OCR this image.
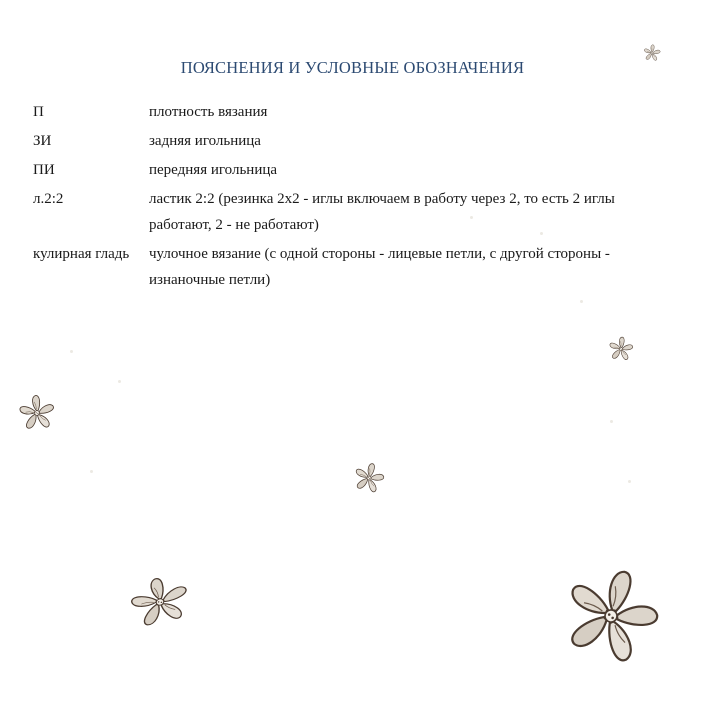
ПОЯСНЕНИЯ И УСЛОВНЫЕ ОБОЗНАЧЕНИЯ
П	плотность вязания
ЗИ	задняя игольница
ПИ	передняя игольница
л.2:2	ластик 2:2 (резинка 2х2 - иглы включаем в работу через 2, то есть 2 иглы работают, 2 - не работают)
кулирная гладь	чулочное вязание (с одной стороны - лицевые петли, с другой стороны - изнаночные петли)
